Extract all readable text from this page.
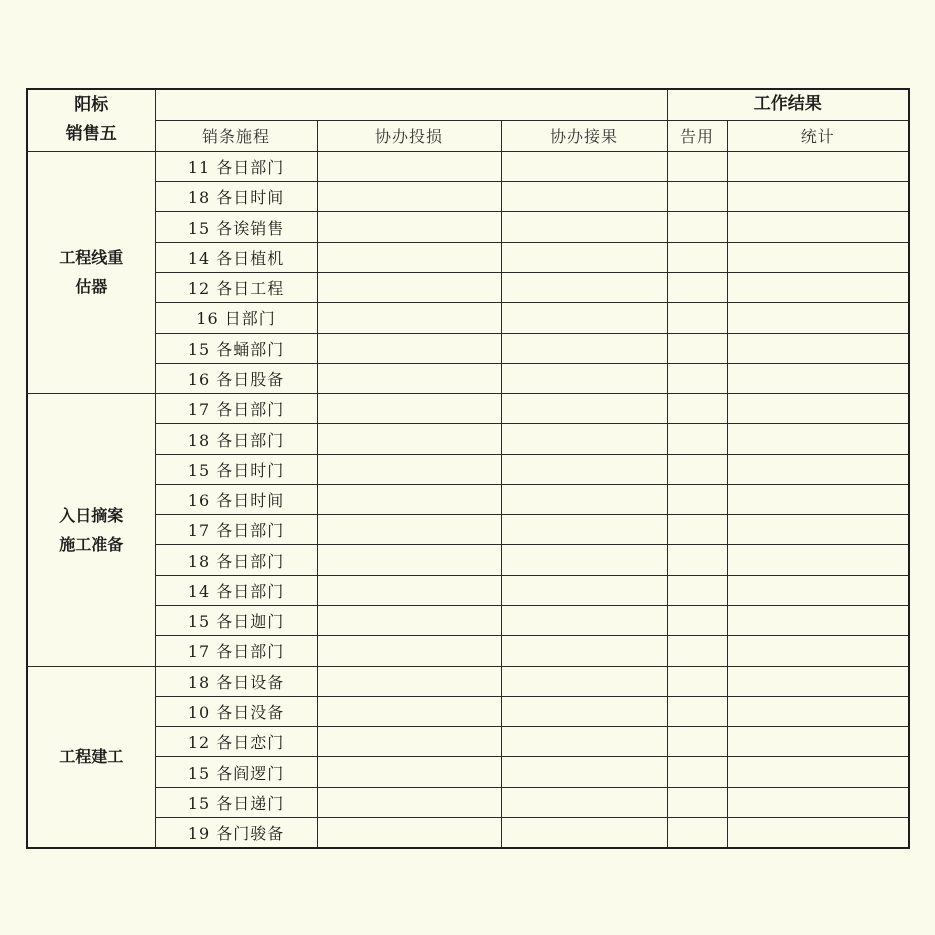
阳标
销售五				工作结果	
	销条施程	协办投损	协办接果	告用	统计

工程线重
估器	11 各日部门				
	18 各日时间				
	15 各诶销售				
	14 各日植机				
	12 各日工程				
	16 日部门				
	15 各蛹部门				
	16 各日股备				

入日摘案
施工准备	17 各日部门				
	18 各日部门				
	15 各日时门				
	16 各日时间				
	17 各日部门				
	18 各日部门				
	14 各日部门				
	15 各日迦门				
	17 各日部门				

工程建工	18 各日设备				
	10 各日没备				
	12 各日恋门				
	15 各阎逻门				
	15 各日递门				
	19 各门骏备				
